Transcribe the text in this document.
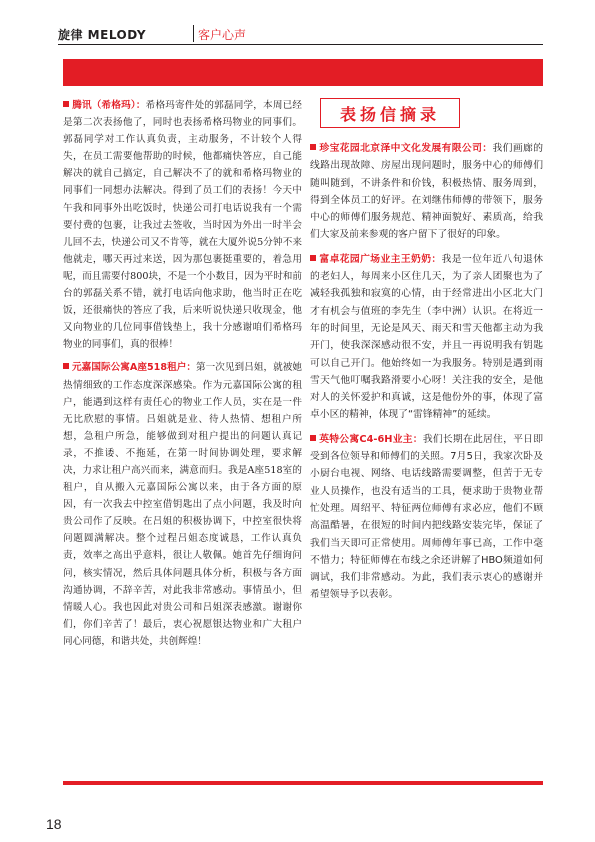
旋律 MELODY	客户心声

腾讯（希格玛）：希格玛寄件处的郭磊同学，本周已经是第二次表扬他了，同时也表扬希格玛物业的同事们。郭磊同学对工作认真负责，主动服务，不计较个人得失，在员工需要他帮助的时候，他都痛快答应，自己能解决的就自己搞定，自己解决不了的就和希格玛物业的同事们一同想办法解决。得到了员工们的表扬！今天中午我和同事外出吃饭时，快递公司打电话说我有一个需要付费的包裹，让我过去签收，当时因为外出一时半会儿回不去，快递公司又不肯等，就在大厦外说5分钟不来他就走，哪天再过来送，因为那包裹挺重要的，着急用呢，而且需要付800块，不是一个小数目，因为平时和前台的郭磊关系不错，就打电话向他求助，他当时正在吃饭，还很痛快的答应了我，后来听说快递只收现金，他又向物业的几位同事借钱垫上，我十分感谢咱们希格玛物业的同事们，真的很棒！

元嘉国际公寓A座518租户：第一次见到吕姐，就被她热情细致的工作态度深深感染。作为元嘉国际公寓的租户，能遇到这样有责任心的物业工作人员，实在是一件无比欣慰的事情。吕姐就是业、待人热情、想租户所想，急租户所急，能够做到对租户提出的问题认真记录，不推诿、不拖延，在第一时间协调处理，要求解决，力求让租户高兴而来，满意而归。我是A座518室的租户，自从搬入元嘉国际公寓以来，由于各方面的原因，有一次我去中控室借钥匙出了点小问题，我及时向贵公司作了反映。在吕姐的积极协调下，中控室很快将问题圆满解决。整个过程吕姐态度诚恳，工作认真负责，效率之高出乎意料，很让人敬佩。她首先仔细询问问，核实情况，然后具体问题具体分析，积极与各方面沟通协调，不辞辛苦，对此我非常感动。事情虽小，但情暖人心。我也因此对贵公司和吕姐深表感激。谢谢你们，你们辛苦了！最后，衷心祝愿银达物业和广大租户同心同德，和谐共处，共创辉煌！

表扬信摘录

珍宝花园北京泽中文化发展有限公司：我们画廊的线路出现故障、房屋出现问题时，服务中心的师傅们随叫随到，不讲条件和价钱，积极热情、服务周到，得到全体员工的好评。在刘继伟师傅的带领下，服务中心的师傅们服务规范、精神面貌好、素质高，给我们大家及前来参观的客户留下了很好的印象。

富卓花园广场业主王奶奶：我是一位年近八旬退休的老妇人，每周来小区住几天，为了亲人团聚也为了减轻我孤独和寂寞的心情，由于经常进出小区北大门才有机会与值班的李先生（李中洲）认识。在将近一年的时间里，无论是风天、雨天和雪天他都主动为我开门，使我深深感动很不安，并且一再说明我有钥匙可以自己开门。他始终如一为我服务。特别是遇到雨雪天气他叮嘱我路滑要小心呀！关注我的安全，是他对人的关怀爱护和真诚，这是他份外的事，体现了富卓小区的精神，体现了“雷锋精神”的延续。

英特公寓C4-6H业主：我们长期在此居住，平日即受到各位领导和师傅们的关照。7月5日，我家次卧及小厨台电视、网络、电话线路需要调整，但苦于无专业人员操作，也没有适当的工具，便求助于贵物业帮忙处理。周绍平、特征两位师傅有求必应，他们不顾高温酷暑，在很短的时间内把线路安装完毕，保证了我们当天即可正常使用。周师傅年事已高，工作中毫不惜力；特征师傅在布线之余还讲解了HBO频道如何调试，我们非常感动。为此，我们表示衷心的感谢并希望领导予以表彰。

18
